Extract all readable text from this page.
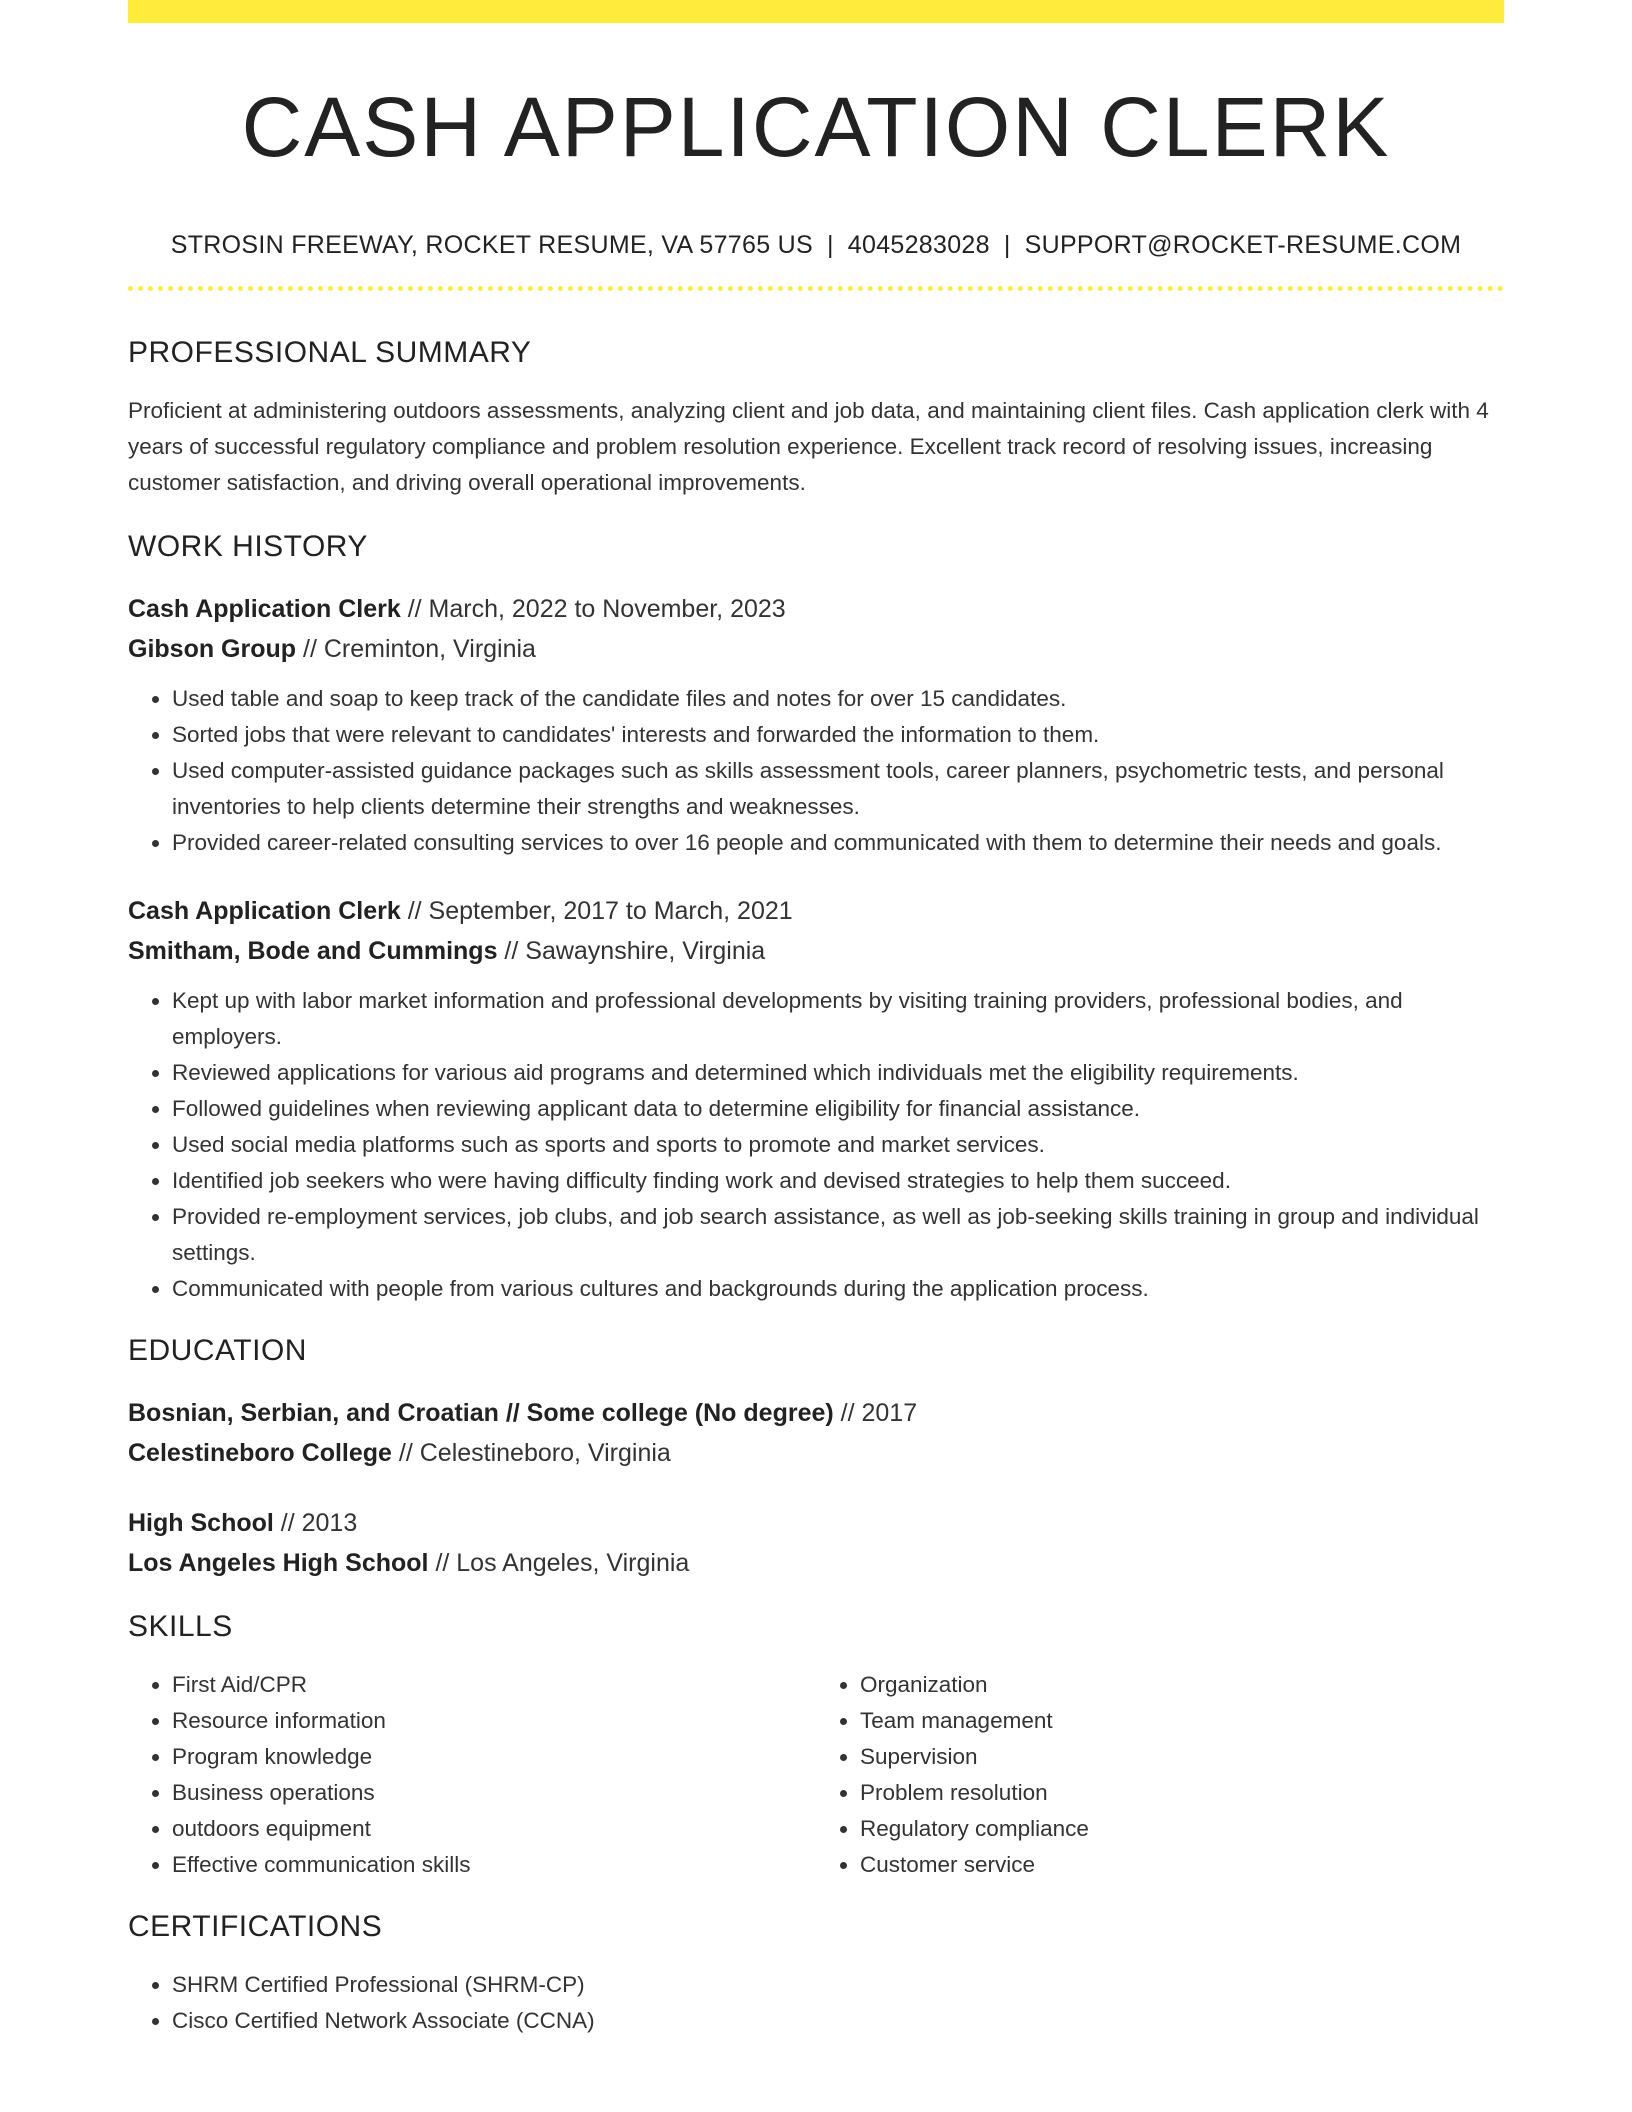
CASH APPLICATION CLERK
STROSIN FREEWAY, ROCKET RESUME, VA 57765 US | 4045283028 | SUPPORT@ROCKET-RESUME.COM
PROFESSIONAL SUMMARY
Proficient at administering outdoors assessments, analyzing client and job data, and maintaining client files. Cash application clerk with 4 years of successful regulatory compliance and problem resolution experience. Excellent track record of resolving issues, increasing customer satisfaction, and driving overall operational improvements.
WORK HISTORY
Cash Application Clerk // March, 2022 to November, 2023
Gibson Group // Creminton, Virginia
• Used table and soap to keep track of the candidate files and notes for over 15 candidates.
• Sorted jobs that were relevant to candidates' interests and forwarded the information to them.
• Used computer-assisted guidance packages such as skills assessment tools, career planners, psychometric tests, and personal inventories to help clients determine their strengths and weaknesses.
• Provided career-related consulting services to over 16 people and communicated with them to determine their needs and goals.
Cash Application Clerk // September, 2017 to March, 2021
Smitham, Bode and Cummings // Sawaynshire, Virginia
• Kept up with labor market information and professional developments by visiting training providers, professional bodies, and employers.
• Reviewed applications for various aid programs and determined which individuals met the eligibility requirements.
• Followed guidelines when reviewing applicant data to determine eligibility for financial assistance.
• Used social media platforms such as sports and sports to promote and market services.
• Identified job seekers who were having difficulty finding work and devised strategies to help them succeed.
• Provided re-employment services, job clubs, and job search assistance, as well as job-seeking skills training in group and individual settings.
• Communicated with people from various cultures and backgrounds during the application process.
EDUCATION
Bosnian, Serbian, and Croatian // Some college (No degree) // 2017
Celestineboro College // Celestineboro, Virginia
High School // 2013
Los Angeles High School // Los Angeles, Virginia
SKILLS
• First Aid/CPR
• Resource information
• Program knowledge
• Business operations
• outdoors equipment
• Effective communication skills
• Organization
• Team management
• Supervision
• Problem resolution
• Regulatory compliance
• Customer service
CERTIFICATIONS
• SHRM Certified Professional (SHRM-CP)
• Cisco Certified Network Associate (CCNA)
